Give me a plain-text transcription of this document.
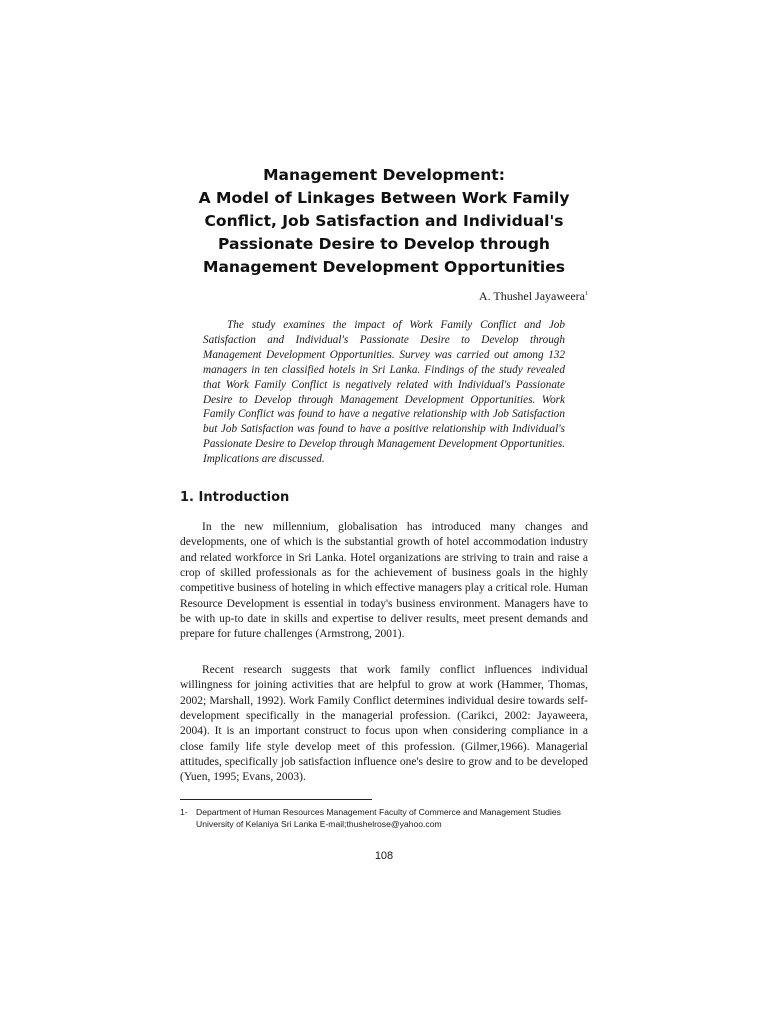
Management Development:
A Model of Linkages Between Work Family
Conflict, Job Satisfaction and Individual's
Passionate Desire to Develop through
Management Development Opportunities
A. Thushel Jayaweera$^1$

The study examines the impact of Work Family Conflict and Job Satisfaction and Individual's Passionate Desire to Develop through Management Development Opportunities. Survey was carried out among 132 managers in ten classified hotels in Sri Lanka. Findings of the study revealed that Work Family Conflict is negatively related with Individual's Passionate Desire to Develop through Management Development Opportunities. Work Family Conflict was found to have a negative relationship with Job Satisfaction but Job Satisfaction was found to have a positive relationship with Individual's Passionate Desire to Develop through Management Development Opportunities. Implications are discussed.

1. Introduction

In the new millennium, globalisation has introduced many changes and developments, one of which is the substantial growth of hotel accommodation industry and related workforce in Sri Lanka. Hotel organizations are striving to train and raise a crop of skilled professionals as for the achievement of business goals in the highly competitive business of hoteling in which effective managers play a critical role. Human Resource Development is essential in today's business environment. Managers have to be with up-to date in skills and expertise to deliver results, meet present demands and prepare for future challenges (Armstrong, 2001).

Recent research suggests that work family conflict influences individual willingness for joining activities that are helpful to grow at work (Hammer, Thomas, 2002; Marshall, 1992). Work Family Conflict determines individual desire towards self-development specifically in the managerial profession. (Carikci, 2002: Jayaweera, 2004). It is an important construct to focus upon when considering compliance in a close family life style develop meet of this profession. (Gilmer,1966). Managerial attitudes, specifically job satisfaction influence one's desire to grow and to be developed (Yuen, 1995; Evans, 2003).

1- Department of Human Resources Management Faculty of Commerce and Management Studies University of Kelaniya Sri Lanka E-mail;thushelrose@yahoo.com

108
